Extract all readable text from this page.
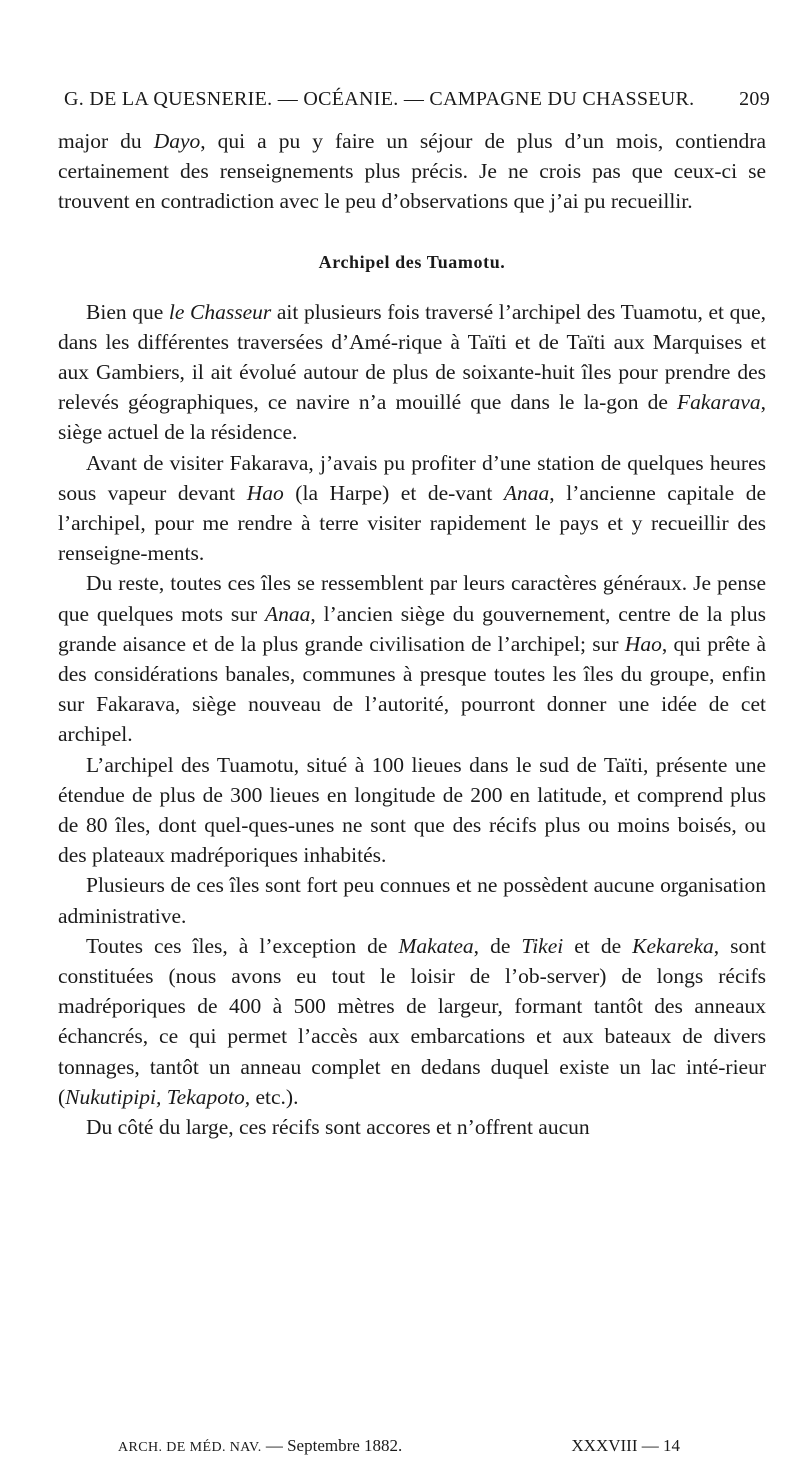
G. DE LA QUESNERIE. — OCÉANIE. — CAMPAGNE DU CHASSEUR. 209

major du Dayo, qui a pu y faire un séjour de plus d’un mois, contiendra certainement des renseignements plus précis. Je ne crois pas que ceux-ci se trouvent en contradiction avec le peu d’observations que j’ai pu recueillir.

Archipel des Tuamotu.

Bien que le Chasseur ait plusieurs fois traversé l’archipel des Tuamotu, et que, dans les différentes traversées d’Amé-rique à Taïti et de Taïti aux Marquises et aux Gambiers, il ait évolué autour de plus de soixante-huit îles pour prendre des relevés géographiques, ce navire n’a mouillé que dans le la-gon de Fakarava, siège actuel de la résidence.

Avant de visiter Fakarava, j’avais pu profiter d’une station de quelques heures sous vapeur devant Hao (la Harpe) et de-vant Anaa, l’ancienne capitale de l’archipel, pour me rendre à terre visiter rapidement le pays et y recueillir des renseigne-ments.

Du reste, toutes ces îles se ressemblent par leurs caractères généraux. Je pense que quelques mots sur Anaa, l’ancien siège du gouvernement, centre de la plus grande aisance et de la plus grande civilisation de l’archipel; sur Hao, qui prête à des considérations banales, communes à presque toutes les îles du groupe, enfin sur Fakarava, siège nouveau de l’autorité, pourront donner une idée de cet archipel.

L’archipel des Tuamotu, situé à 100 lieues dans le sud de Taïti, présente une étendue de plus de 300 lieues en longitude de 200 en latitude, et comprend plus de 80 îles, dont quel-ques-unes ne sont que des récifs plus ou moins boisés, ou des plateaux madréporiques inhabités.

Plusieurs de ces îles sont fort peu connues et ne possèdent aucune organisation administrative.

Toutes ces îles, à l’exception de Makatea, de Tikei et de Kekareka, sont constituées (nous avons eu tout le loisir de l’ob-server) de longs récifs madréporiques de 400 à 500 mètres de largeur, formant tantôt des anneaux échancrés, ce qui permet l’accès aux embarcations et aux bateaux de divers tonnages, tantôt un anneau complet en dedans duquel existe un lac inté-rieur (Nukutipipi, Tekapoto, etc.).

Du côté du large, ces récifs sont accores et n’offrent aucun

ARCH. DE MÉD. NAV. — Septembre 1882.	XXXVIII — 14
